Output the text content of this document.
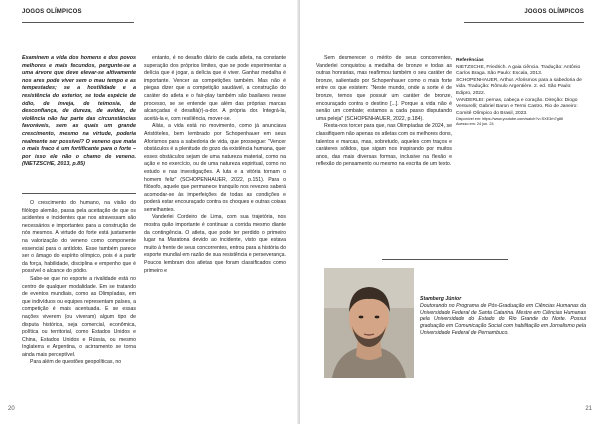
JOGOS OLÍMPICOS
Examinem a vida dos homens e dos povos melhores e mais fecundos, pergunte-se a uma árvore que deve elevar-se altivamente nos ares pode viver sem o mau tempo e as tempestades; se a hostilidade e a resistência do exterior, se toda espécie de ódio, de inveja, de teimosia, de desconfiança, de dureza, de avidez, de violência não faz parte das circunstâncias favoráveis, sem as quais um grande crescimento, mesmo na virtude, poderia realmente ser possível? O veneno que mata o mais fraco é um fortificante para o forte – por isso ele não o chamo de veneno. (NIETZSCHE, 2013, p.85)

O crescimento do humano, na visão do filólogo alemão, passa pela aceitação de que os acidentes e incidentes que nos atravessam são necessários e importantes para a construção de nós mesmos. A virtude do forte está justamente na valorização do veneno como componente essencial para o antídoto. Esse também parece ser o âmago do espírito olímpico, pois é a partir da força, habilidade, disciplina e empenho que é possível o alcance do pódio.

Sabe-se que no esporte a rivalidade está no centro de qualquer modalidade. Em se tratando de eventos mundiais, como as Olimpíadas, em que indivíduos ou equipes representam países, a competição é mais acentuada. E se essas nações viverem (ou viveram) algum tipo de disputa histórica, seja comercial, econômica, política ou territorial, como Estados Unidos e China, Estados Unidos e Rússia, ou mesmo Inglaterra e Argentina, o acirramento se torna ainda mais perceptível.

Para além de questões geopolíticas, no

entanto, é no desafio diário de cada atleta, na constante superação dos próprios limites, que se pode experimentar a delícia que é jogar, a delícia que é viver. Ganhar medalha é importante. Vencer as competições também. Mas não é piegas dizer que a competição saudável, a construção do caráter do atleta e o fair-play também são basilares nesse processo, se se entende que além das próprias marcas alcançadas é desafiá(r)-a-dor. A própria dor. Integrá-la, aceitá-la e, com resiliência, mover-se.

Aliás, a vida está no movimento, como já anunciava Aristóteles, bem lembrado por Schopenhauer em seus Aforismos para a sabedoria de vida, que prossegue: "Vencer obstáculos é a plenitude do gozo da existência humana, quer esses obstáculos sejam de uma natureza material, como na ação e no exercício, ou de uma natureza espiritual, como no estudo e nas investigações. A luta e a vitória tornam o homem feliz" (SCHOPENHAUER, 2022, p.151). Para o filósofo, aquele que permanece tranquilo nos revezes saberá acomodar-se às imperfeições de todas as condições e poderá estar encouraçado contra os choques e outras coisas semelhantes.

Vanderlei Cordeiro de Lima, com sua trajetória, nos mostra quão importante é continuar a corrida mesmo diante da contingência. O atleta, que pode ter perdido o primeiro lugar na Maratona devido ao incidente, visto que estava muito à frente de seus concorrentes, entrou para a história do esporte mundial em razão de sua resistência e perseverança. Poucos lembram dos atletas que foram classificados como primeiro e

20
JOGOS OLÍMPICOS

Sem desmerecer o mérito de seus concorrentes, Vanderlei conquistou a medalha de bronze e todas as outras honrarias, mas reafirmou também o seu caráter de bronze, salientado por Schopenhauer como o mais forte entre os que existem: "Neste mundo, onde a sorte é de bronze, temos que possuir um caráter de bronze, encouraçado contra o destino [...]. Porque a vida não é senão um combate; estamos a cada passo disputando uma peleja" (SCHOPENHAUER, 2022, p.184).

Resta-nos torcer para que, nas Olimpíadas de 2024, se classifiquem não apenas os atletas com os melhores dons, talentos e marcas, mas, sobretudo, aqueles com traços e caráteres sólidos, que sigam nos inspirando por muitos anos, das mais diversas formas, inclusive na flexão e reflexão do pensamento ou mesmo na escrita de um texto.

Referências
NIETZSCHE, Friedrich. A gaia ciência. Tradução: Antônio Carlos Braga. São Paulo: Escala, 2013.
SCHOPENHAUER, Arthur. Aforismos para a sabedoria de vida. Tradução: Rômulo Argentière. 2. ed. São Paulo: Edipro, 2022.
VANDERLEI: pernas, cabeça e coração. Direção: Diogo Venturelli; Gabriel Baron e Termi Castro. Rio de Janeiro: Comitê Olímpico do Brasil, 2023.
Disponível em: https://www.youtube.com/watch?v=SXE3rh7g8tI
Acesso em: 24 jun. 24
Stamberg Júnior
Doutorando no Programa de Pós-Graduação em Ciências Humanas da Universidade Federal de Santa Catarina. Mestre em Ciências Humanas pela Universidade do Estado do Rio Grande do Norte. Possui graduação em Comunicação Social com habilitação em Jornalismo pela Universidade Federal de Pernambuco.
21
